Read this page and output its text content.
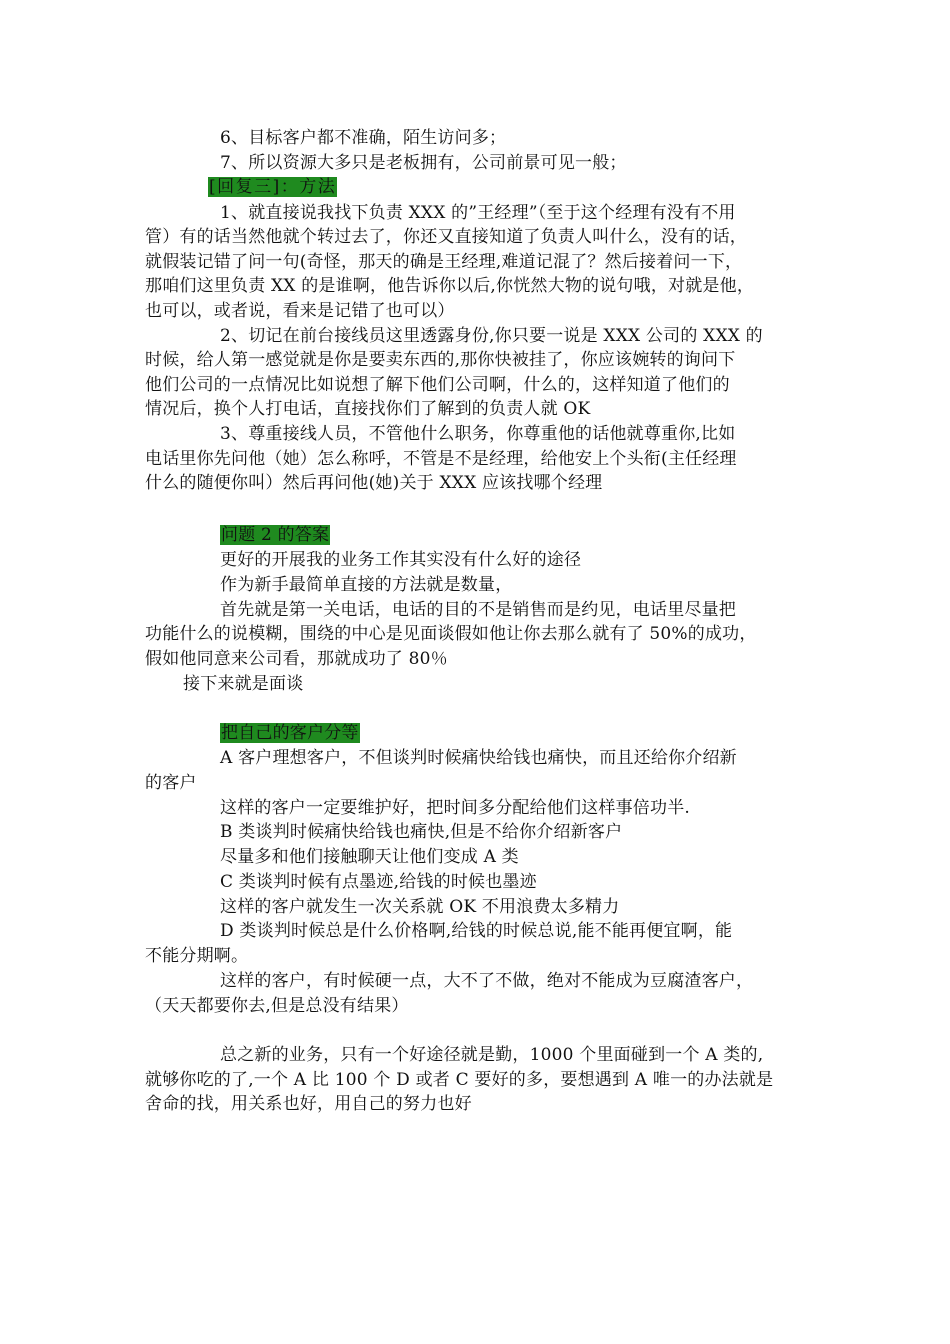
6、目标客户都不准确，陌生访问多；
7、所以资源大多只是老板拥有，公司前景可见一般；
[回复三]：方法
1、就直接说我找下负责 XXX 的”王经理”（至于这个经理有没有不用
管）有的话当然他就个转过去了，你还又直接知道了负责人叫什么，没有的话，
就假装记错了问一句(奇怪，那天的确是王经理,难道记混了？然后接着问一下，
那咱们这里负责 XX 的是谁啊，他告诉你以后,你恍然大物的说句哦，对就是他，
也可以，或者说，看来是记错了也可以）
2、切记在前台接线员这里透露身份,你只要一说是 XXX 公司的 XXX 的
时候，给人第一感觉就是你是要卖东西的,那你快被挂了，你应该婉转的询问下
他们公司的一点情况比如说想了解下他们公司啊，什么的，这样知道了他们的
情况后，换个人打电话，直接找你们了解到的负责人就 OK
3、尊重接线人员，不管他什么职务，你尊重他的话他就尊重你,比如
电话里你先问他（她）怎么称呼，不管是不是经理，给他安上个头衔(主任经理
什么的随便你叫）然后再问他(她)关于 XXX 应该找哪个经理
问题 2 的答案
更好的开展我的业务工作其实没有什么好的途径
作为新手最简单直接的方法就是数量，
首先就是第一关电话，电话的目的不是销售而是约见，电话里尽量把
功能什么的说模糊，围绕的中心是见面谈假如他让你去那么就有了 50%的成功，
假如他同意来公司看，那就成功了 80％
接下来就是面谈
把自己的客户分等
A 客户理想客户，不但谈判时候痛快给钱也痛快，而且还给你介绍新
的客户
这样的客户一定要维护好，把时间多分配给他们这样事倍功半.
B 类谈判时候痛快给钱也痛快,但是不给你介绍新客户
尽量多和他们接触聊天让他们变成 A 类
C 类谈判时候有点墨迹,给钱的时候也墨迹
这样的客户就发生一次关系就 OK 不用浪费太多精力
D 类谈判时候总是什么价格啊,给钱的时候总说,能不能再便宜啊，能
不能分期啊。
这样的客户，有时候硬一点，大不了不做，绝对不能成为豆腐渣客户，
（天天都要你去,但是总没有结果）
总之新的业务，只有一个好途径就是勤，1000 个里面碰到一个 A 类的,
就够你吃的了,一个 A 比 100 个 D 或者 C 要好的多，要想遇到 A 唯一的办法就是
舍命的找，用关系也好，用自己的努力也好
